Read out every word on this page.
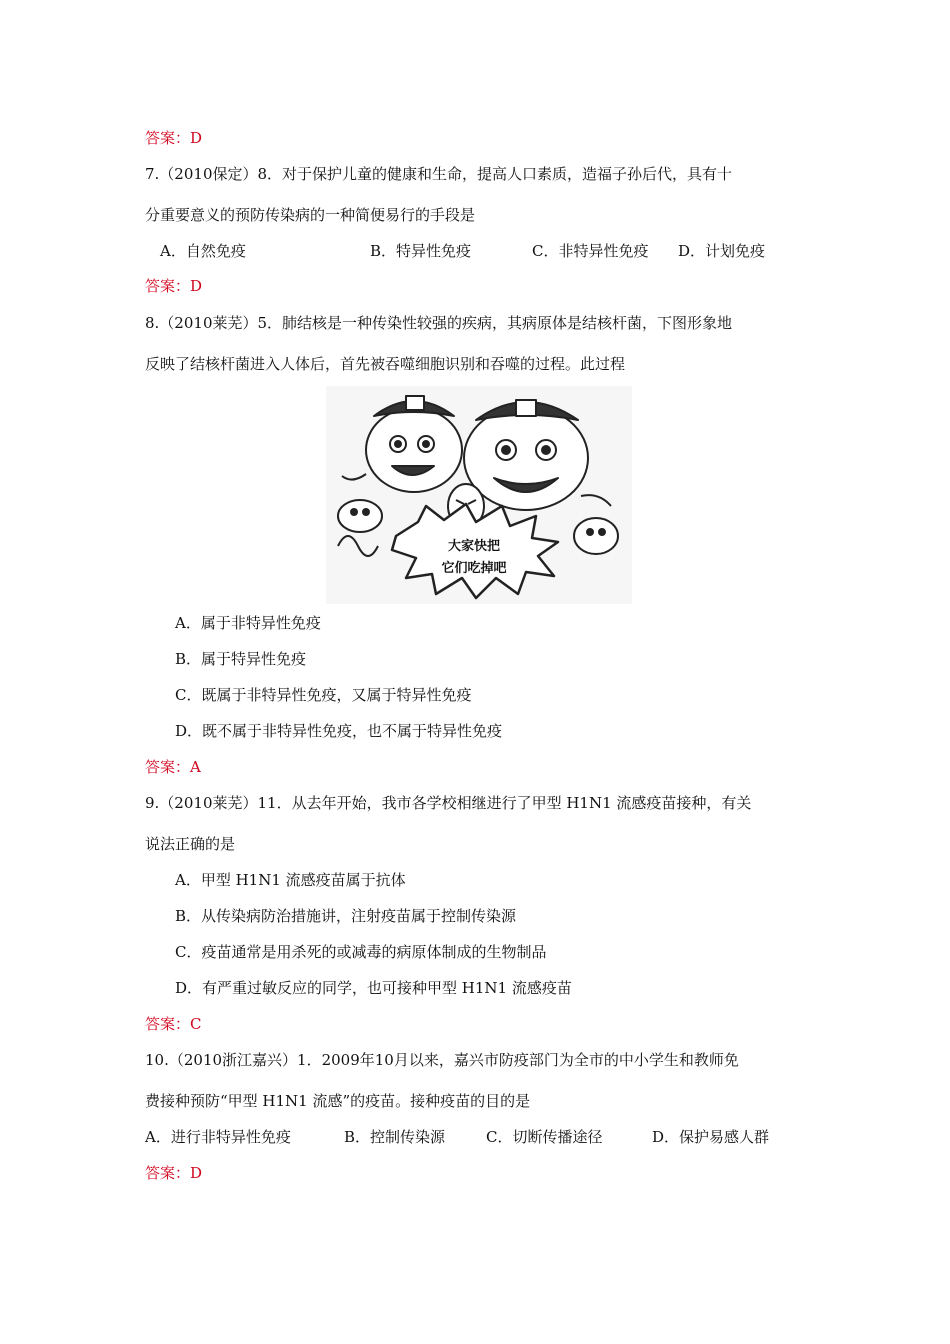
答案：D
7.（2010保定）8．对于保护儿童的健康和生命，提高人口素质，造福子孙后代，具有十
分重要意义的预防传染病的一种简便易行的手段是
A．自然免疫	B．特异性免疫	C．非特异性免疫 D．计划免疫
答案：D
8.（2010莱芜）5．肺结核是一种传染性较强的疾病，其病原体是结核杆菌，下图形象地
反映了结核杆菌进入人体后，首先被吞噬细胞识别和吞噬的过程。此过程
大家快把
它们吃掉吧
A．属于非特异性免疫
B．属于特异性免疫
C．既属于非特异性免疫，又属于特异性免疫
D．既不属于非特异性免疫，也不属于特异性免疫
答案：A
9.（2010莱芜）11．从去年开始，我市各学校相继进行了甲型 H1N1 流感疫苗接种，有关
说法正确的是
A．甲型 H1N1 流感疫苗属于抗体
B．从传染病防治措施讲，注射疫苗属于控制传染源
C．疫苗通常是用杀死的或减毒的病原体制成的生物制品
D．有严重过敏反应的同学，也可接种甲型 H1N1 流感疫苗
答案：C
10.（2010浙江嘉兴）1．2009年10月以来，嘉兴市防疫部门为全市的中小学生和教师免
费接种预防“甲型 H1N1 流感”的疫苗。接种疫苗的目的是
A．进行非特异性免疫	B．控制传染源	C．切断传播途径	D．保护易感人群
答案：D
